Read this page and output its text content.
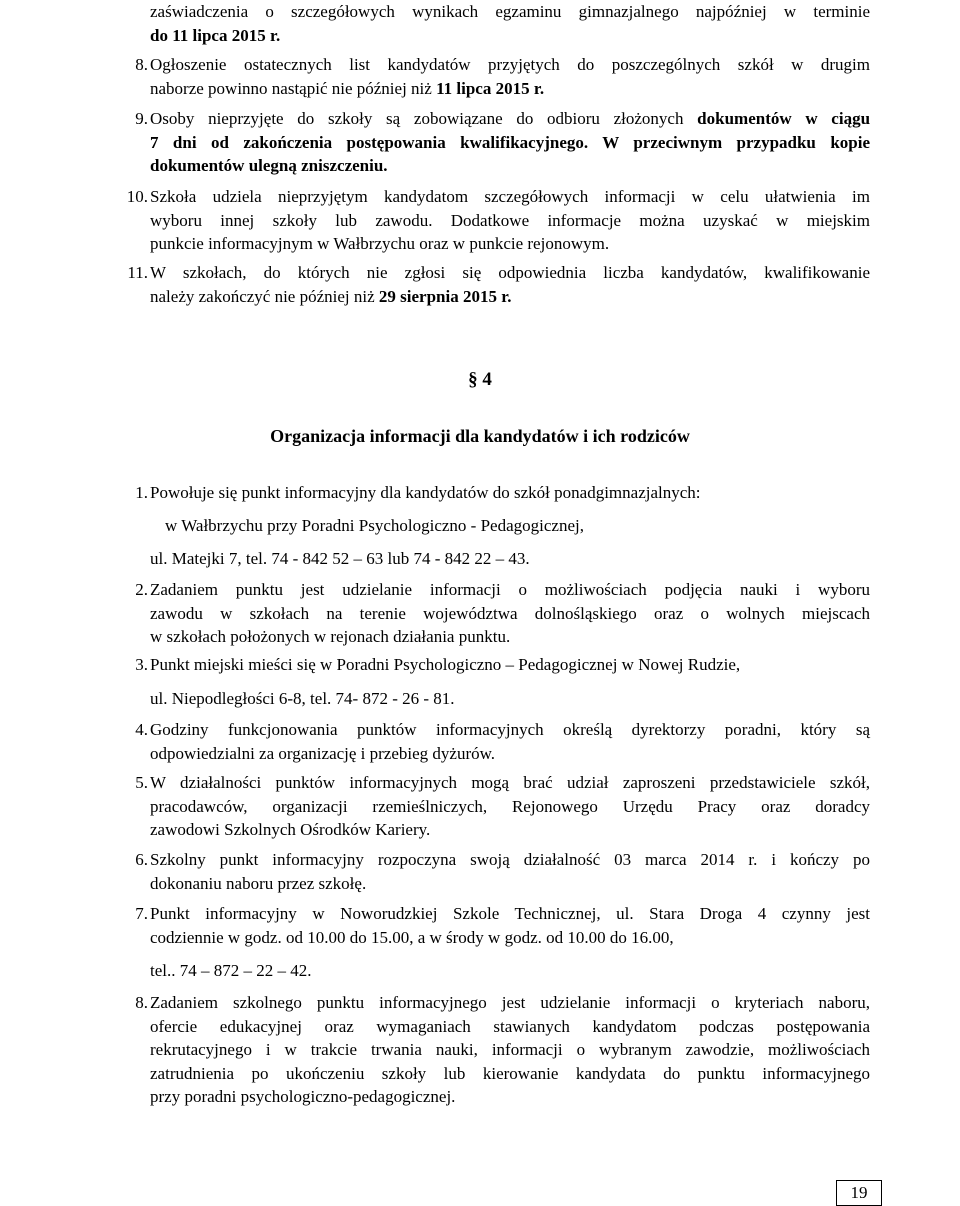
zaświadczenia o szczegółowych wynikach egzaminu gimnazjalnego najpóźniej w terminie
do 11 lipca 2015 r.
8. Ogłoszenie ostatecznych list kandydatów przyjętych do poszczególnych szkół w drugim
naborze powinno nastąpić nie później niż 11 lipca 2015 r.
9. Osoby nieprzyjęte do szkoły są zobowiązane do odbioru złożonych dokumentów w ciągu
7 dni od zakończenia postępowania kwalifikacyjnego. W przeciwnym przypadku kopie
dokumentów ulegną zniszczeniu.
10. Szkoła udziela nieprzyjętym kandydatom szczegółowych informacji w celu ułatwienia im
wyboru innej szkoły lub zawodu. Dodatkowe informacje można uzyskać w miejskim
punkcie informacyjnym w Wałbrzychu oraz w punkcie rejonowym.
11. W szkołach, do których nie zgłosi się odpowiednia liczba kandydatów, kwalifikowanie
należy zakończyć nie później niż 29 sierpnia 2015 r.
§ 4
Organizacja informacji dla kandydatów i ich rodziców
1. Powołuje się punkt informacyjny dla kandydatów do szkół ponadgimnazjalnych:
w Wałbrzychu przy Poradni Psychologiczno - Pedagogicznej,
ul. Matejki 7, tel. 74 - 842 52 – 63 lub 74 - 842 22 – 43.
2. Zadaniem punktu jest udzielanie informacji o możliwościach podjęcia nauki i wyboru
zawodu w szkołach na terenie województwa dolnośląskiego oraz o wolnych miejscach
w szkołach położonych w rejonach działania punktu.
3. Punkt miejski mieści się w Poradni Psychologiczno – Pedagogicznej w Nowej Rudzie,
ul. Niepodległości 6-8, tel. 74- 872 - 26 - 81.
4. Godziny funkcjonowania punktów informacyjnych określą dyrektorzy poradni, który są
odpowiedzialni za organizację i przebieg dyżurów.
5. W działalności punktów informacyjnych mogą brać udział zaproszeni przedstawiciele szkół,
pracodawców, organizacji rzemieślniczych, Rejonowego Urzędu Pracy oraz doradcy
zawodowi Szkolnych Ośrodków Kariery.
6. Szkolny punkt informacyjny rozpoczyna swoją działalność 03 marca 2014 r. i kończy po
dokonaniu naboru przez szkołę.
7. Punkt informacyjny w Noworudzkiej Szkole Technicznej, ul. Stara Droga 4 czynny jest
codziennie w godz. od 10.00 do 15.00, a w środy w godz. od 10.00 do 16.00,
tel.. 74 – 872 – 22 – 42.
8. Zadaniem szkolnego punktu informacyjnego jest udzielanie informacji o kryteriach naboru,
ofercie edukacyjnej oraz wymaganiach stawianych kandydatom podczas postępowania
rekrutacyjnego i w trakcie trwania nauki, informacji o wybranym zawodzie, możliwościach
zatrudnienia po ukończeniu szkoły lub kierowanie kandydata do punktu informacyjnego
przy poradni psychologiczno-pedagogicznej.
19
